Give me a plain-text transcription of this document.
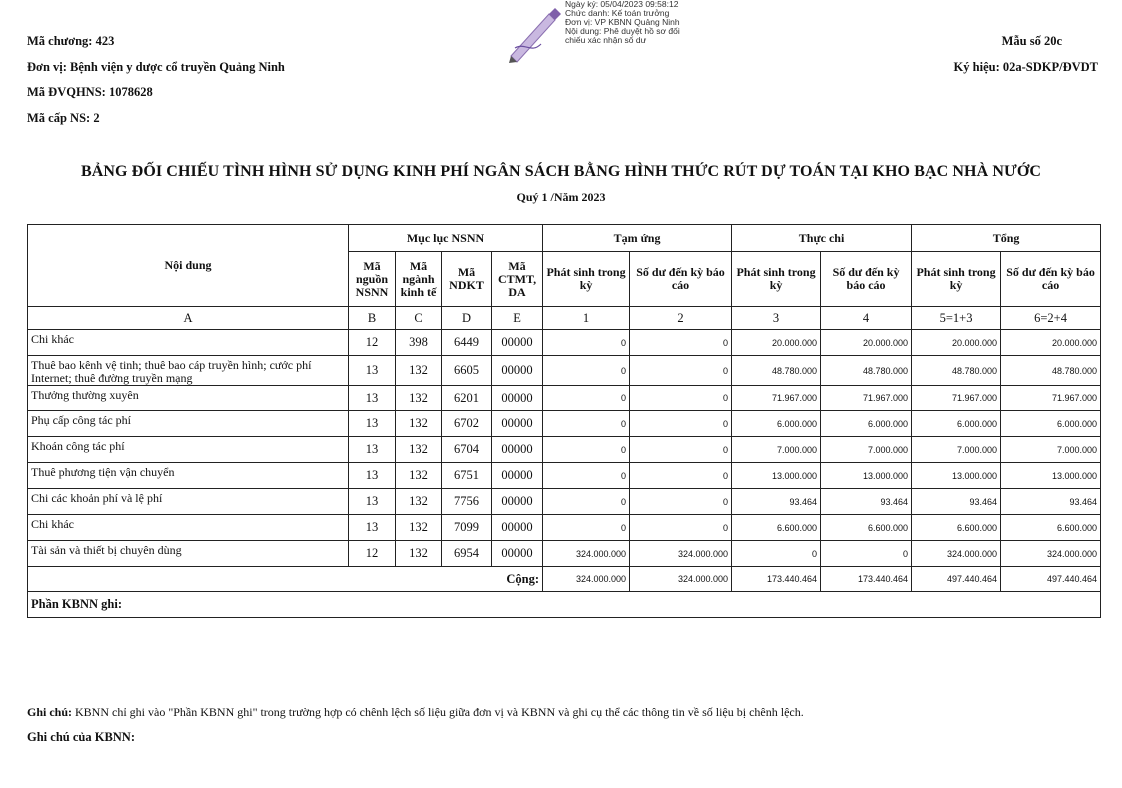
Mã chương: 423
Đơn vị: Bệnh viện y dược cổ truyền Quảng Ninh
Mã ĐVQHNS: 1078628
Mã cấp NS: 2
Ngày ký: 05/04/2023 09:58:12
Chức danh: Kế toán trưởng
Đơn vị: VP KBNN Quảng Ninh
Nội dung: Phê duyệt hồ sơ đối
chiếu xác nhận số dư	Mẫu số 20c
Ký hiệu: 02a-SDKP/ĐVDT
BẢNG ĐỐI CHIẾU TÌNH HÌNH SỬ DỤNG KINH PHÍ NGÂN SÁCH BẰNG HÌNH THỨC RÚT DỰ TOÁN TẠI KHO BẠC NHÀ NƯỚC
Quý 1 /Năm 2023
Nội dung	Mục lục NSNN				Tạm ứng		Thực chi		Tổng	
	Mã nguồn NSNN	Mã ngành kinh tế	Mã NDKT	Mã CTMT, DA	Phát sinh trong kỳ	Số dư đến kỳ báo cáo	Phát sinh trong kỳ	Số dư đến kỳ báo cáo	Phát sinh trong kỳ	Số dư đến kỳ báo cáo
A	B	C	D	E	1	2	3	4	5=1+3	6=2+4
Chi khác	12	398	6449	00000	0	0	20.000.000	20.000.000	20.000.000	20.000.000
Thuê bao kênh vệ tinh; thuê bao cáp truyền hình; cước phí Internet; thuê đường truyền mạng	13	132	6605	00000	0	0	48.780.000	48.780.000	48.780.000	48.780.000
Thưởng thường xuyên	13	132	6201	00000	0	0	71.967.000	71.967.000	71.967.000	71.967.000
Phụ cấp công tác phí	13	132	6702	00000	0	0	6.000.000	6.000.000	6.000.000	6.000.000
Khoán công tác phí	13	132	6704	00000	0	0	7.000.000	7.000.000	7.000.000	7.000.000
Thuê phương tiện vận chuyển	13	132	6751	00000	0	0	13.000.000	13.000.000	13.000.000	13.000.000
Chi các khoản phí và lệ phí	13	132	7756	00000	0	0	93.464	93.464	93.464	93.464
Chi khác	13	132	7099	00000	0	0	6.600.000	6.600.000	6.600.000	6.600.000
Tài sản và thiết bị chuyên dùng	12	132	6954	00000	324.000.000	324.000.000	0	0	324.000.000	324.000.000
Cộng:					324.000.000	324.000.000	173.440.464	173.440.464	497.440.464	497.440.464
Phần KBNN ghi:										
Ghi chú: KBNN chỉ ghi vào "Phần KBNN ghi" trong trường hợp có chênh lệch số liệu giữa đơn vị và KBNN và ghi cụ thể các thông tin về số liệu bị chênh lệch.
Ghi chú của KBNN:
